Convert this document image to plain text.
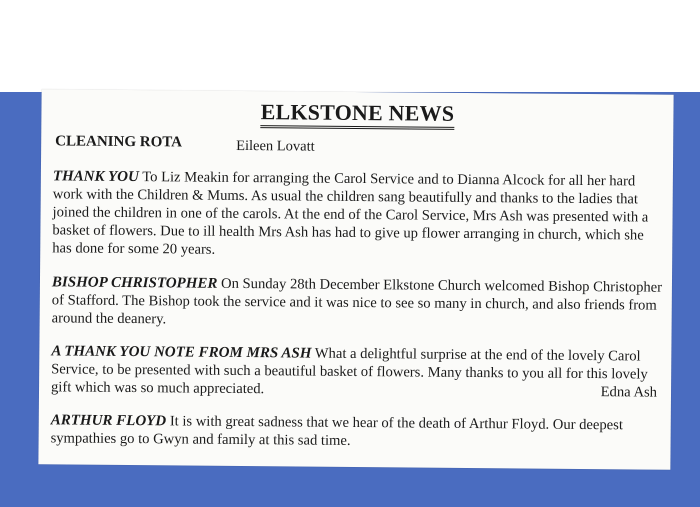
ELKSTONE NEWS
CLEANING ROTA	Eileen Lovatt
THANK YOU To Liz Meakin for arranging the Carol Service and to Dianna Alcock for all her hard work with the Children & Mums. As usual the children sang beautifully and thanks to the ladies that joined the children in one of the carols. At the end of the Carol Service, Mrs Ash was presented with a basket of flowers. Due to ill health Mrs Ash has had to give up flower arranging in church, which she has done for some 20 years.
BISHOP CHRISTOPHER On Sunday 28th December Elkstone Church welcomed Bishop Christopher of Stafford. The Bishop took the service and it was nice to see so many in church, and also friends from around the deanery.
A THANK YOU NOTE FROM MRS ASH What a delightful surprise at the end of the lovely Carol Service, to be presented with such a beautiful basket of flowers. Many thanks to you all for this lovely gift which was so much appreciated.	Edna Ash
ARTHUR FLOYD It is with great sadness that we hear of the death of Arthur Floyd. Our deepest sympathies go to Gwyn and family at this sad time.
